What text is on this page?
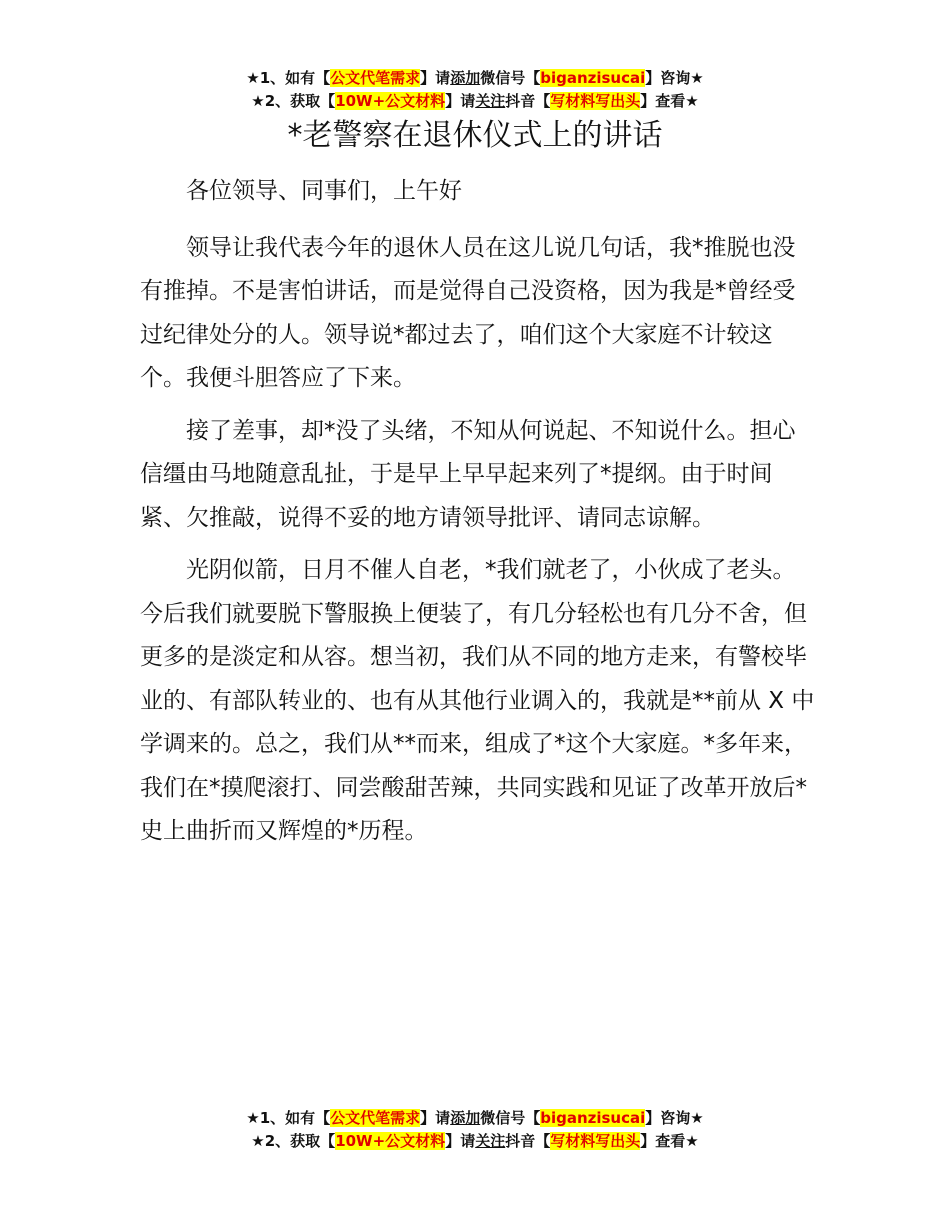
★1、如有【公文代笔需求】请添加微信号【biganzisucai】咨询★
★2、获取【10W+公文材料】请关注抖音【写材料写出头】查看★
*老警察在退休仪式上的讲话

各位领导、同事们，上午好

领导让我代表今年的退休人员在这儿说几句话，我*推脱也没有推掉。不是害怕讲话，而是觉得自己没资格，因为我是*曾经受过纪律处分的人。领导说*都过去了，咱们这个大家庭不计较这个。我便斗胆答应了下来。

接了差事，却*没了头绪，不知从何说起、不知说什么。担心信缰由马地随意乱扯，于是早上早早起来列了*提纲。由于时间紧、欠推敲，说得不妥的地方请领导批评、请同志谅解。

光阴似箭，日月不催人自老，*我们就老了，小伙成了老头。今后我们就要脱下警服换上便装了，有几分轻松也有几分不舍，但更多的是淡定和从容。想当初，我们从不同的地方走来，有警校毕业的、有部队转业的、也有从其他行业调入的，我就是**前从 X 中学调来的。总之，我们从**而来，组成了*这个大家庭。*多年来，我们在*摸爬滚打、同尝酸甜苦辣，共同实践和见证了改革开放后*史上曲折而又辉煌的*历程。

★1、如有【公文代笔需求】请添加微信号【biganzisucai】咨询★
★2、获取【10W+公文材料】请关注抖音【写材料写出头】查看★
